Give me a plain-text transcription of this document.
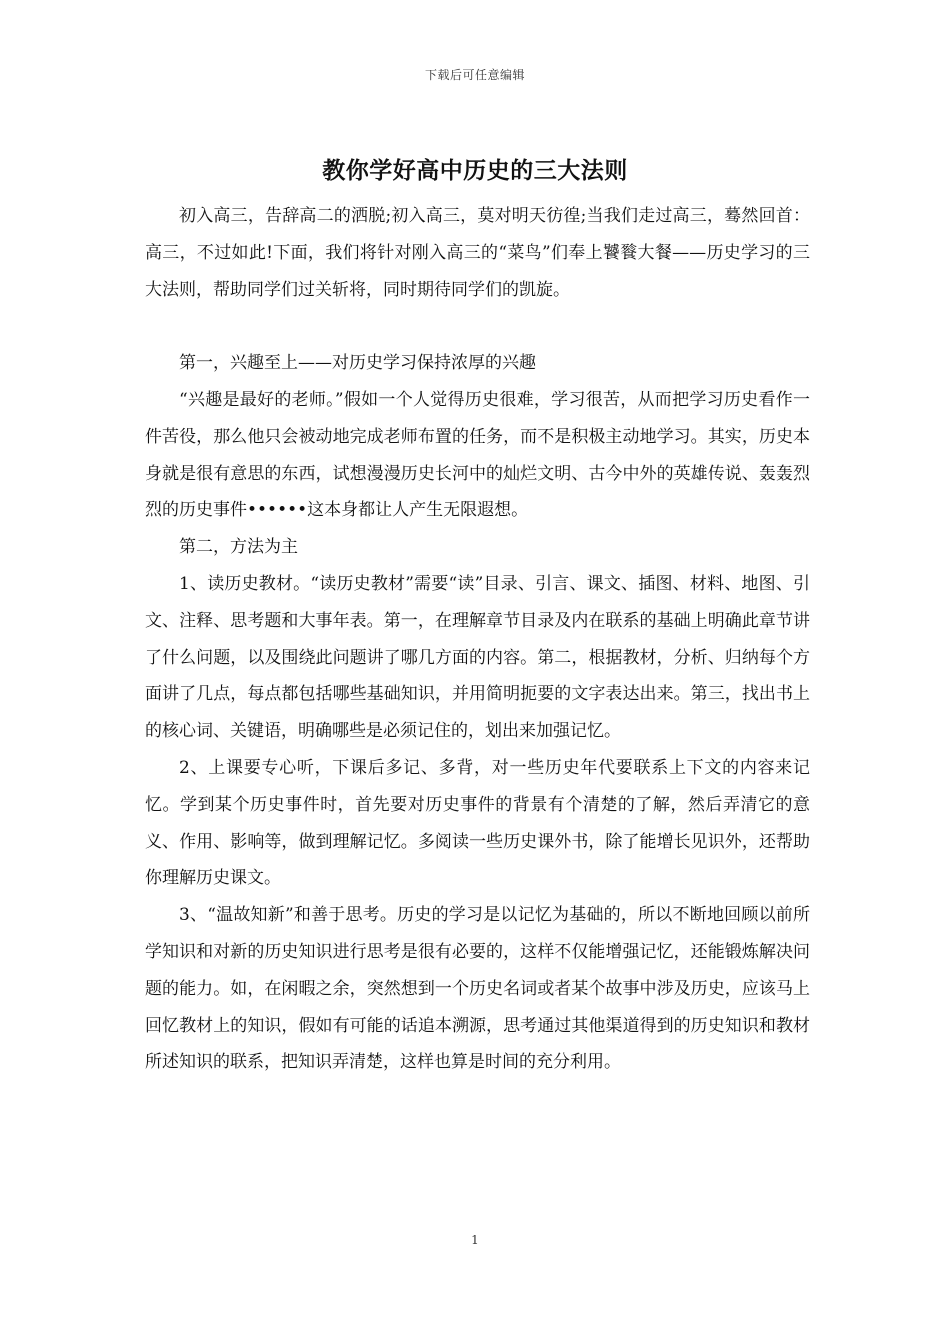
下载后可任意编辑
教你学好高中历史的三大法则

初入高三，告辞高二的洒脱;初入高三，莫对明天彷徨;当我们走过高三，蓦然回首：高三，不过如此!下面，我们将针对刚入高三的“菜鸟”们奉上饕餮大餐——历史学习的三大法则，帮助同学们过关斩将，同时期待同学们的凯旋。

第一，兴趣至上——对历史学习保持浓厚的兴趣

“兴趣是最好的老师。”假如一个人觉得历史很难，学习很苦，从而把学习历史看作一件苦役，那么他只会被动地完成老师布置的任务，而不是积极主动地学习。其实，历史本身就是很有意思的东西，试想漫漫历史长河中的灿烂文明、古今中外的英雄传说、轰轰烈烈的历史事件••••••这本身都让人产生无限遐想。

第二，方法为主

1、读历史教材。“读历史教材”需要“读”目录、引言、课文、插图、材料、地图、引文、注释、思考题和大事年表。第一，在理解章节目录及内在联系的基础上明确此章节讲了什么问题，以及围绕此问题讲了哪几方面的内容。第二，根据教材，分析、归纳每个方面讲了几点，每点都包括哪些基础知识，并用简明扼要的文字表达出来。第三，找出书上的核心词、关键语，明确哪些是必须记住的，划出来加强记忆。

2、上课要专心听，下课后多记、多背，对一些历史年代要联系上下文的内容来记忆。学到某个历史事件时，首先要对历史事件的背景有个清楚的了解，然后弄清它的意义、作用、影响等，做到理解记忆。多阅读一些历史课外书，除了能增长见识外，还帮助你理解历史课文。

3、“温故知新”和善于思考。历史的学习是以记忆为基础的，所以不断地回顾以前所学知识和对新的历史知识进行思考是很有必要的，这样不仅能增强记忆，还能锻炼解决问题的能力。如，在闲暇之余，突然想到一个历史名词或者某个故事中涉及历史，应该马上回忆教材上的知识，假如有可能的话追本溯源，思考通过其他渠道得到的历史知识和教材所述知识的联系，把知识弄清楚，这样也算是时间的充分利用。

1
